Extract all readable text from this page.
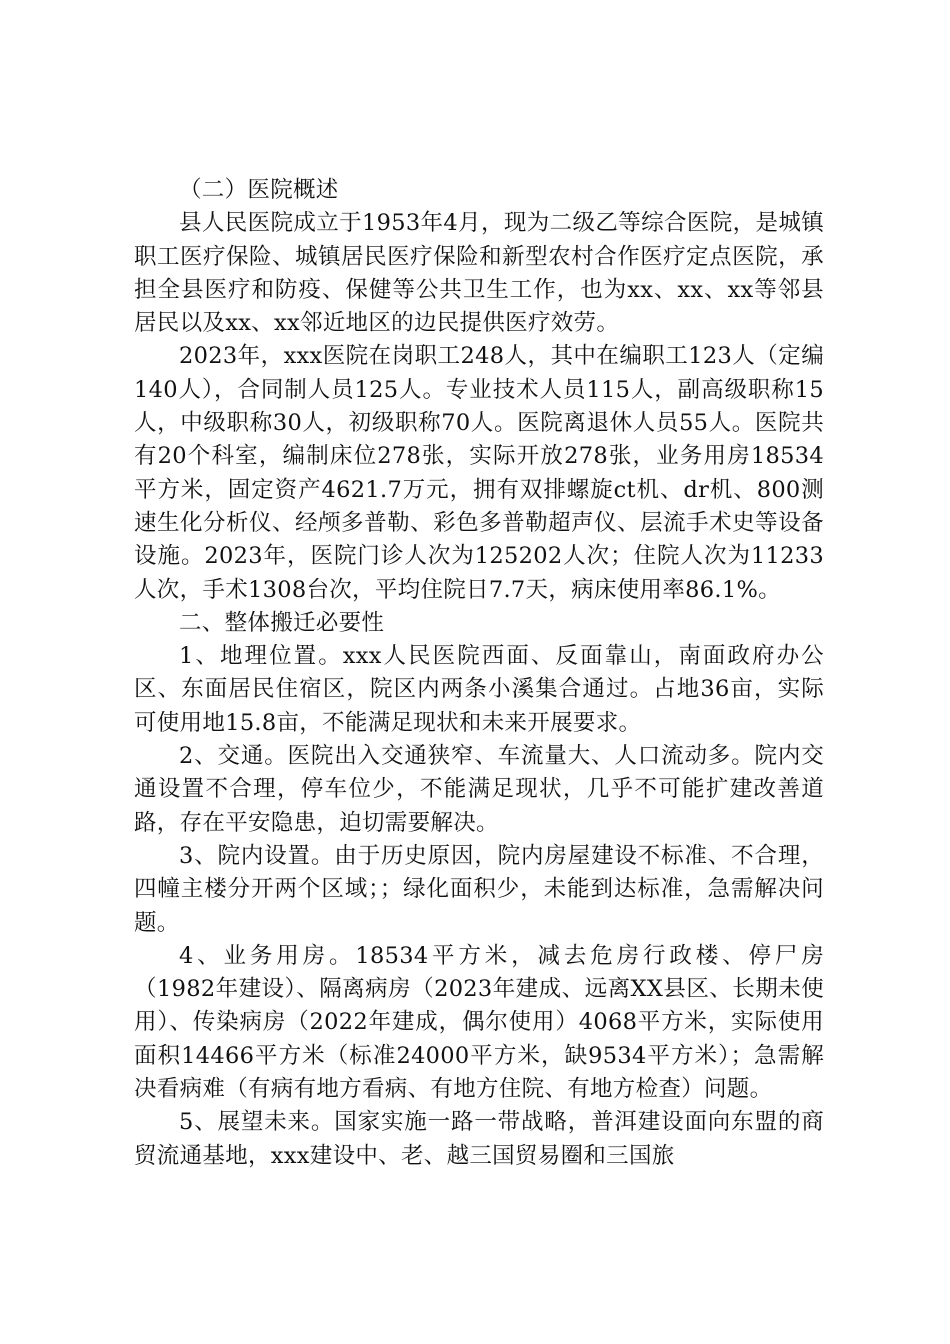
（二）医院概述

县人民医院成立于1953年4月，现为二级乙等综合医院，是城镇职工医疗保险、城镇居民医疗保险和新型农村合作医疗定点医院，承担全县医疗和防疫、保健等公共卫生工作，也为xx、xx、xx等邻县居民以及xx、xx邻近地区的边民提供医疗效劳。

2023年，xxx医院在岗职工248人，其中在编职工123人（定编140人），合同制人员125人。专业技术人员115人，副高级职称15人，中级职称30人，初级职称70人。医院离退休人员55人。医院共有20个科室，编制床位278张，实际开放278张，业务用房18534平方米，固定资产4621.7万元，拥有双排螺旋ct机、dr机、800测速生化分析仪、经颅多普勒、彩色多普勒超声仪、层流手术史等设备设施。2023年，医院门诊人次为125202人次；住院人次为11233人次，手术1308台次，平均住院日7.7天，病床使用率86.1%。

二、整体搬迁必要性

1、地理位置。xxx人民医院西面、反面靠山，南面政府办公区、东面居民住宿区，院区内两条小溪集合通过。占地36亩，实际可使用地15.8亩，不能满足现状和未来开展要求。

2、交通。医院出入交通狭窄、车流量大、人口流动多。院内交通设置不合理，停车位少，不能满足现状，几乎不可能扩建改善道路，存在平安隐患，迫切需要解决。

3、院内设置。由于历史原因，院内房屋建设不标准、不合理，四幢主楼分开两个区域；；绿化面积少，未能到达标准，急需解决问题。

4、业务用房。18534平方米，减去危房行政楼、停尸房（1982年建设）、隔离病房（2023年建成、远离XX县区、长期未使用）、传染病房（2022年建成，偶尔使用）4068平方米，实际使用面积14466平方米（标准24000平方米，缺9534平方米）；急需解决看病难（有病有地方看病、有地方住院、有地方检查）问题。

5、展望未来。国家实施一路一带战略，普洱建设面向东盟的商贸流通基地，xxx建设中、老、越三国贸易圈和三国旅
